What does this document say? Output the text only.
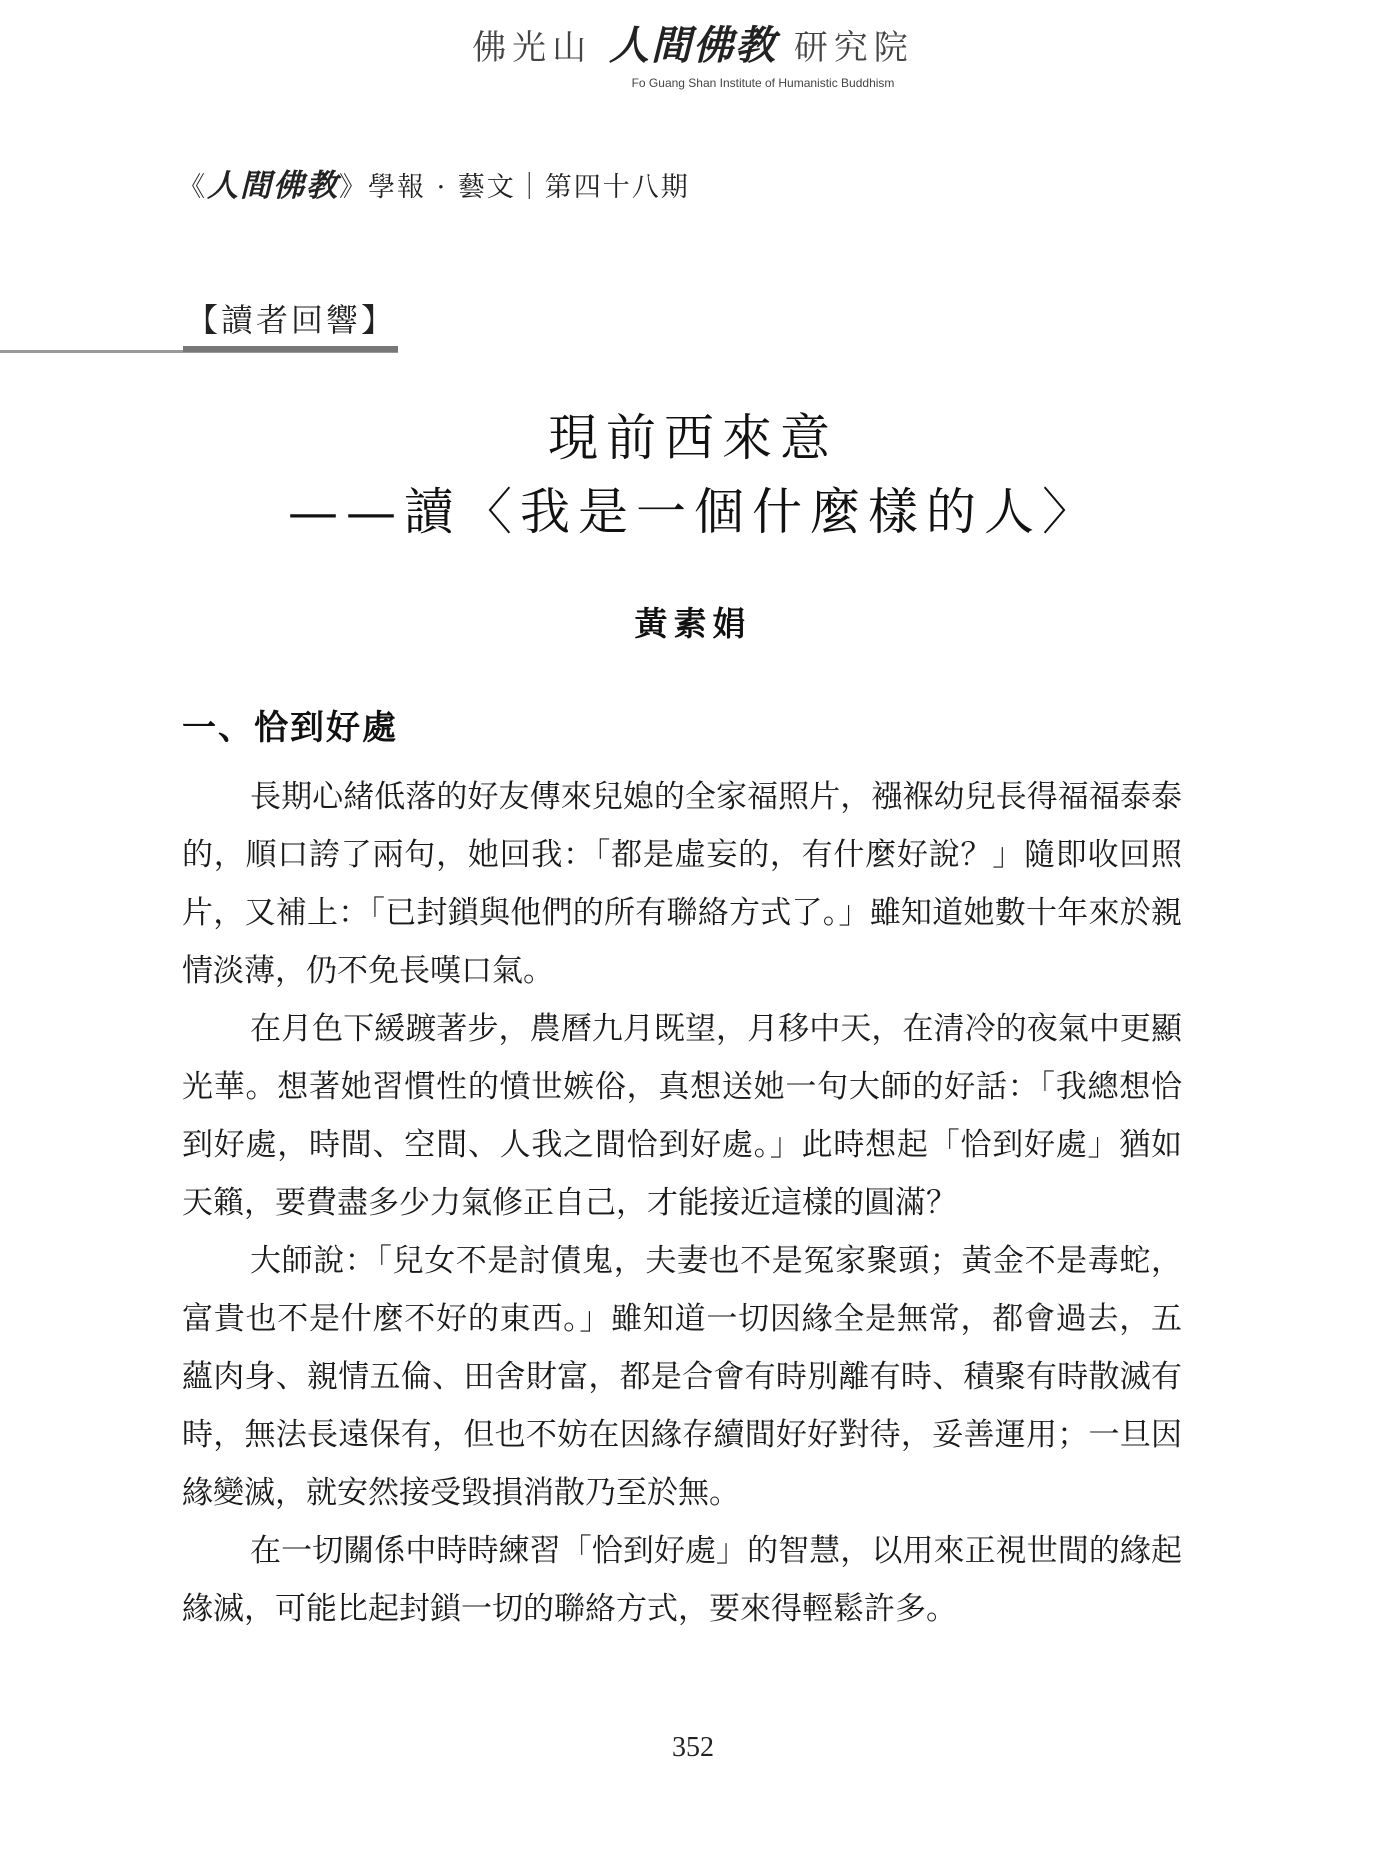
佛光山 人間佛教 研究院
Fo Guang Shan Institute of Humanistic Buddhism
《人間佛教》學報 · 藝文｜第四十八期
【讀者回響】
現前西來意
——讀〈我是一個什麼樣的人〉
黃素娟
一、恰到好處

長期心緒低落的好友傳來兒媳的全家福照片，襁褓幼兒長得福福泰泰的，順口誇了兩句，她回我：「都是虛妄的，有什麼好說？」隨即收回照片，又補上：「已封鎖與他們的所有聯絡方式了。」雖知道她數十年來於親情淡薄，仍不免長嘆口氣。

在月色下緩踱著步，農曆九月既望，月移中天，在清冷的夜氣中更顯光華。想著她習慣性的憤世嫉俗，真想送她一句大師的好話：「我總想恰到好處，時間、空間、人我之間恰到好處。」此時想起「恰到好處」猶如天籟，要費盡多少力氣修正自己，才能接近這樣的圓滿？

大師說：「兒女不是討債鬼，夫妻也不是冤家聚頭；黃金不是毒蛇，富貴也不是什麼不好的東西。」雖知道一切因緣全是無常，都會過去，五蘊肉身、親情五倫、田舍財富，都是合會有時別離有時、積聚有時散滅有時，無法長遠保有，但也不妨在因緣存續間好好對待，妥善運用；一旦因緣變滅，就安然接受毀損消散乃至於無。

在一切關係中時時練習「恰到好處」的智慧，以用來正視世間的緣起緣滅，可能比起封鎖一切的聯絡方式，要來得輕鬆許多。

352
